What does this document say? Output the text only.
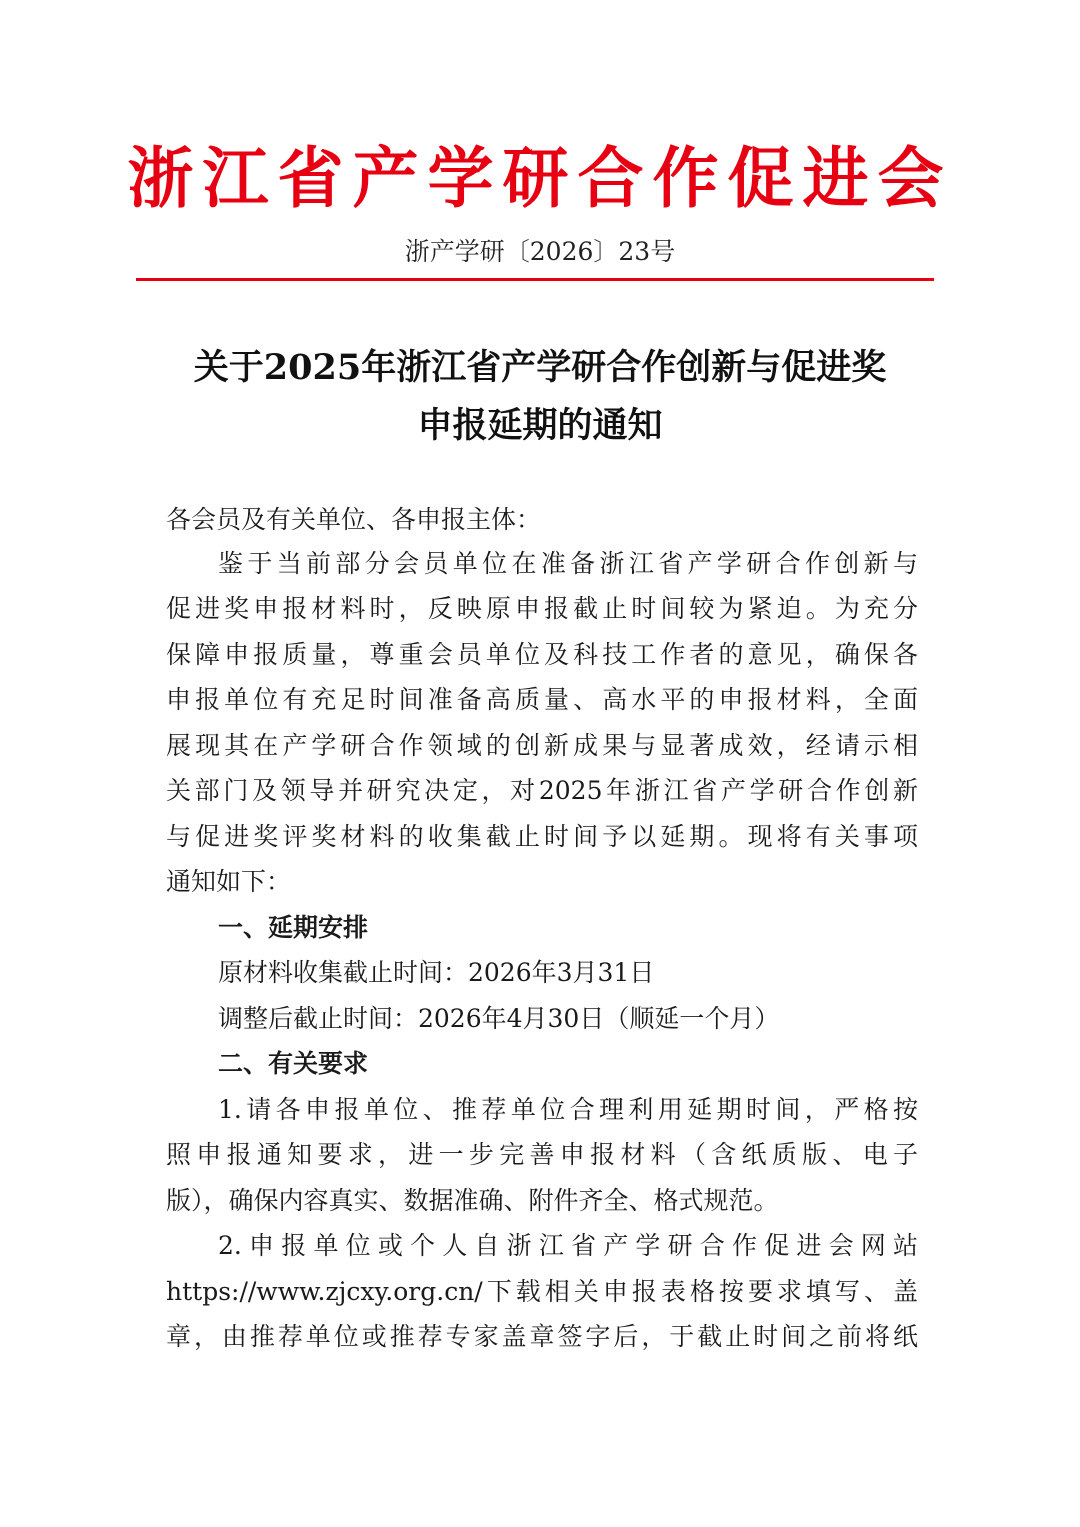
浙江省产学研合作促进会
浙产学研〔2026〕23号
关于2025年浙江省产学研合作创新与促进奖
申报延期的通知
各会员及有关单位、各申报主体：
鉴于当前部分会员单位在准备浙江省产学研合作创新与
促进奖申报材料时，反映原申报截止时间较为紧迫。为充分
保障申报质量，尊重会员单位及科技工作者的意见，确保各
申报单位有充足时间准备高质量、高水平的申报材料，全面
展现其在产学研合作领域的创新成果与显著成效，经请示相
关部门及领导并研究决定，对2025年浙江省产学研合作创新
与促进奖评奖材料的收集截止时间予以延期。现将有关事项
通知如下：
一、延期安排
原材料收集截止时间：2026年3月31日
调整后截止时间：2026年4月30日（顺延一个月）
二、有关要求
1.请各申报单位、推荐单位合理利用延期时间，严格按
照申报通知要求，进一步完善申报材料（含纸质版、电子
版），确保内容真实、数据准确、附件齐全、格式规范。
2.申报单位或个人自浙江省产学研合作促进会网站
https://www.zjcxy.org.cn/下载相关申报表格按要求填写、盖
章，由推荐单位或推荐专家盖章签字后，于截止时间之前将纸
